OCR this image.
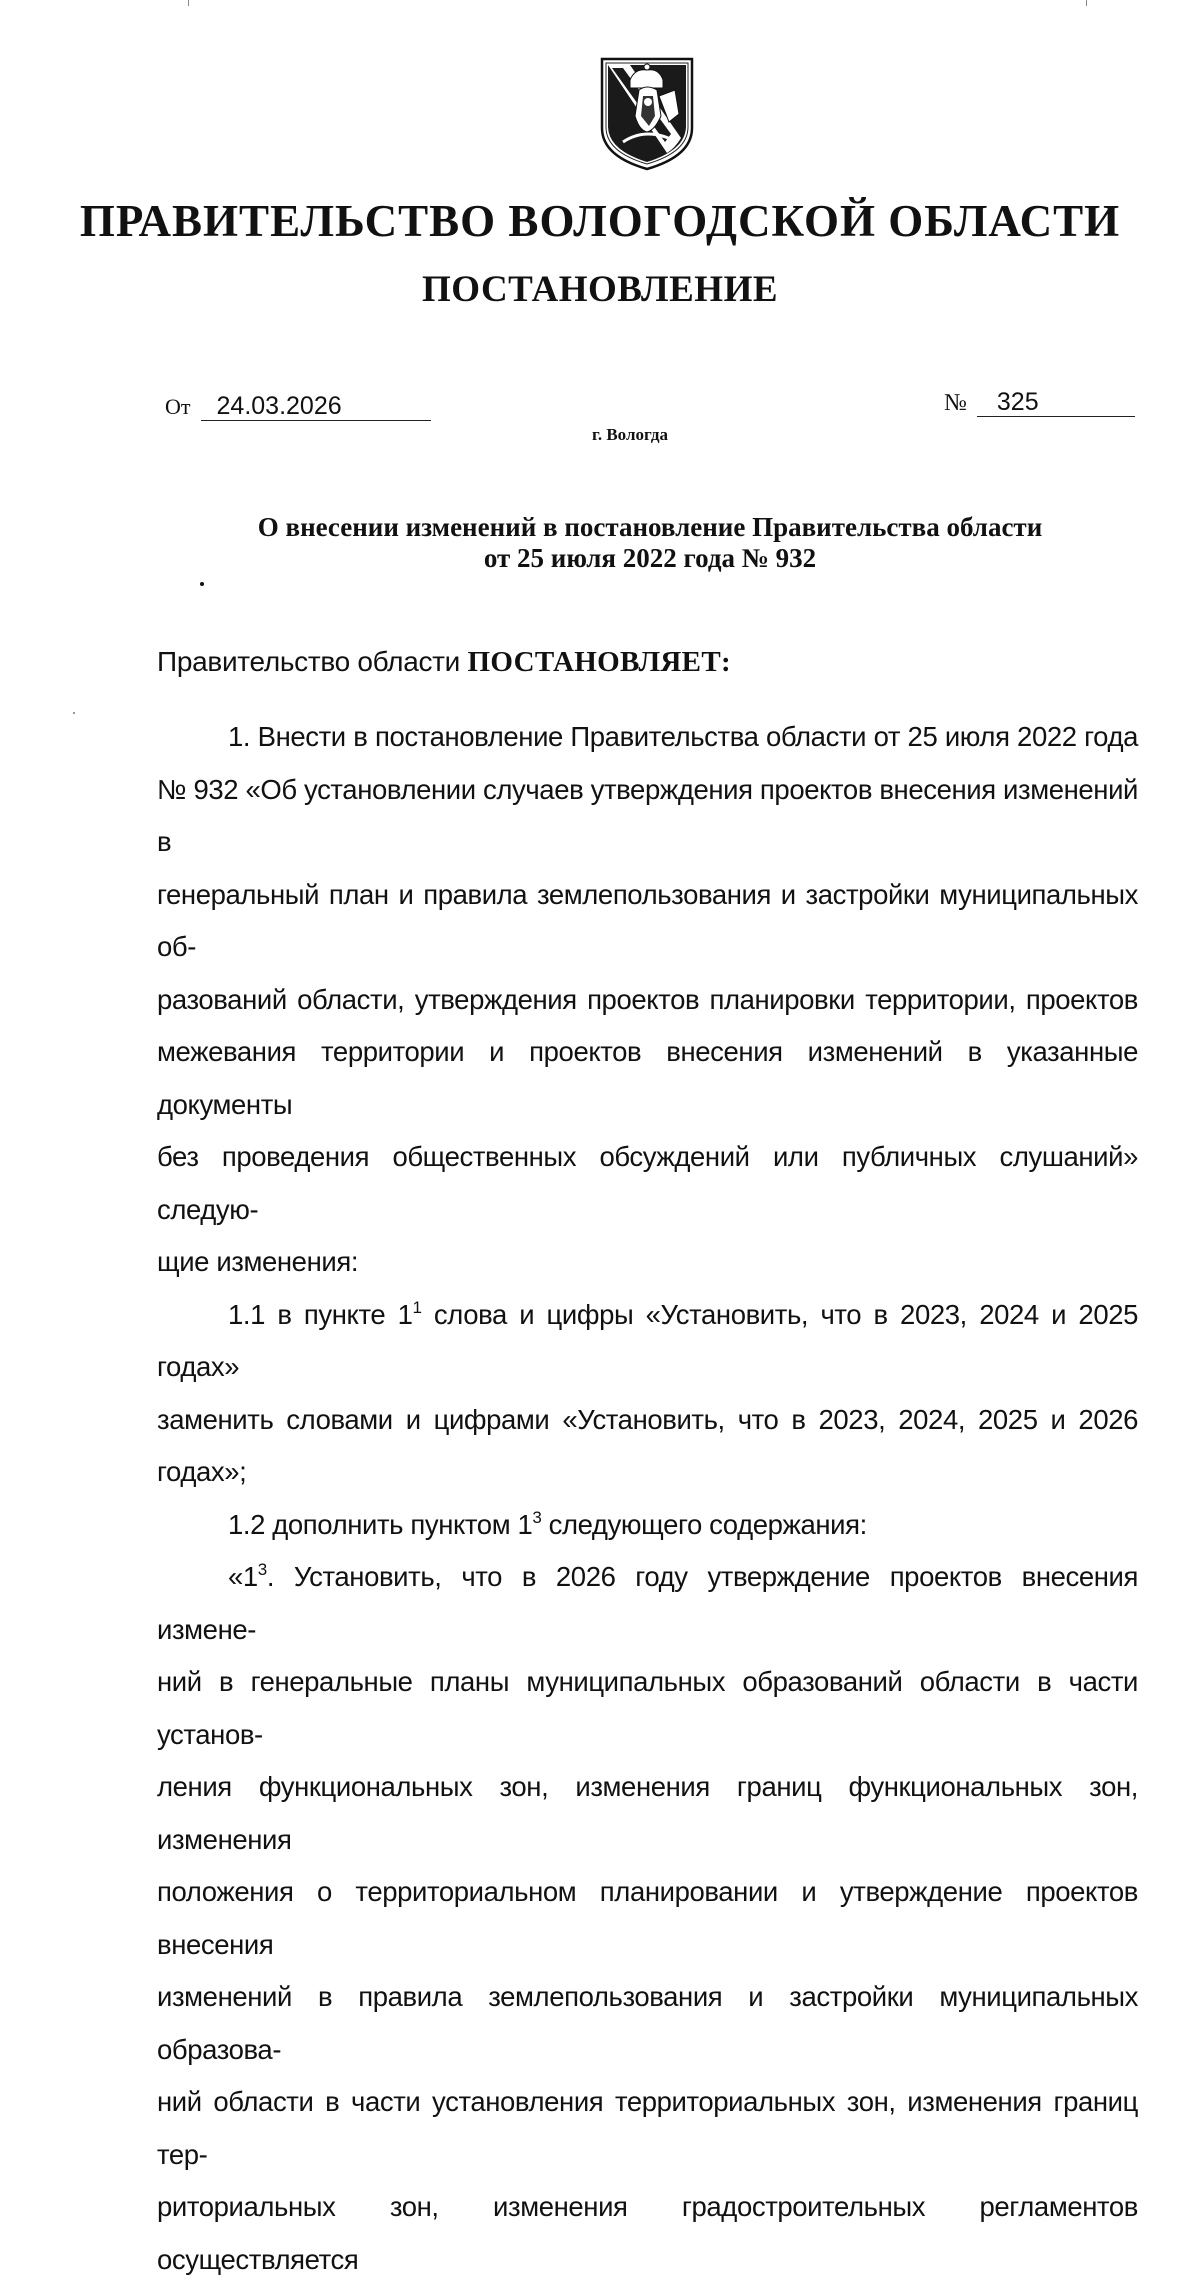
ПРАВИТЕЛЬСТВО ВОЛОГОДСКОЙ ОБЛАСТИ
ПОСТАНОВЛЕНИЕ
От 24.03.2026	№ 325
г. Вологда
О внесении изменений в постановление Правительства области
от 25 июля 2022 года № 932
Правительство области ПОСТАНОВЛЯЕТ:

1. Внести в постановление Правительства области от 25 июля 2022 года

№ 932 «Об установлении случаев утверждения проектов внесения изменений в

генеральный план и правила землепользования и застройки муниципальных об-

разований области, утверждения проектов планировки территории, проектов

межевания территории и проектов внесения изменений в указанные документы

без проведения общественных обсуждений или публичных слушаний» следую-

щие изменения:

1.1 в пункте $1^1$ слова и цифры «Установить, что в 2023, 2024 и 2025 годах»

заменить словами и цифрами «Установить, что в 2023, 2024, 2025 и 2026 годах»;

1.2 дополнить пунктом $1^3$ следующего содержания:

«$1^3$. Установить, что в 2026 году утверждение проектов внесения измене-

ний в генеральные планы муниципальных образований области в части установ-

ления функциональных зон, изменения границ функциональных зон, изменения

положения о территориальном планировании и утверждение проектов внесения

изменений в правила землепользования и застройки муниципальных образова-

ний области в части установления территориальных зон, изменения границ тер-

риториальных зон, изменения градостроительных регламентов осуществляется
